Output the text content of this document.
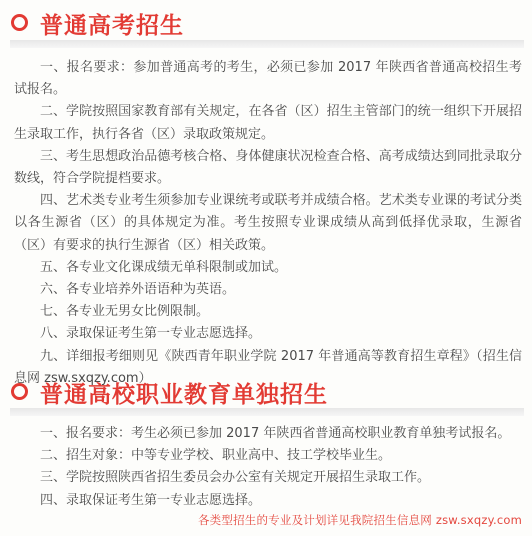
普通高考招生

一、报名要求：参加普通高考的考生，必须已参加 2017 年陕西省普通高校招生考试报名。

二、学院按照国家教育部有关规定，在各省（区）招生主管部门的统一组织下开展招生录取工作，执行各省（区）录取政策规定。

三、考生思想政治品德考核合格、身体健康状况检查合格、高考成绩达到同批录取分数线，符合学院提档要求。

四、艺术类专业考生须参加专业课统考或联考并成绩合格。艺术类专业课的考试分类以各生源省（区）的具体规定为准。考生按照专业课成绩从高到低择优录取，生源省（区）有要求的执行生源省（区）相关政策。

五、各专业文化课成绩无单科限制或加试。

六、各专业培养外语语种为英语。

七、各专业无男女比例限制。

八、录取保证考生第一专业志愿选择。

九、详细报考细则见《陕西青年职业学院 2017 年普通高等教育招生章程》（招生信息网 zsw.sxqzy.com）

普通高校职业教育单独招生

一、报名要求：考生必须已参加 2017 年陕西省普通高校职业教育单独考试报名。

二、招生对象：中等专业学校、职业高中、技工学校毕业生。

三、学院按照陕西省招生委员会办公室有关规定开展招生录取工作。

四、录取保证考生第一专业志愿选择。

各类型招生的专业及计划详见我院招生信息网 zsw.sxqzy.com
